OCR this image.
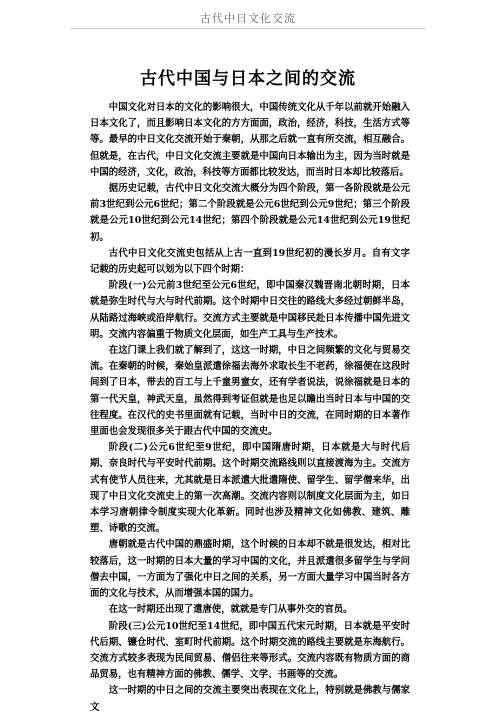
古代中日文化交流
古代中国与日本之间的交流

中国文化对日本的文化的影响很大，中国传统文化从千年以前就开始融入日本文化了，而且影响日本文化的方方面面，政治，经济，科技，生活方式等等。最早的中日文化交流开始于秦朝，从那之后就一直有所交流，相互融合。但就是，在古代，中日文化交流主要就是中国向日本输出为主，因为当时就是中国的经济，文化，政治，科技等方面都比较发达，而当时日本却比较落后。

据历史记载，古代中日文化交流大概分为四个阶段，第一各阶段就是公元前3世纪到公元6世纪；第二个阶段就是公元6世纪到公元9世纪；第三个阶段就是公元10世纪到公元14世纪；第四个阶段就是公元14世纪到公元19世纪初。

古代中日文化交流史包括从上古一直到19世纪初的漫长岁月。自有文字记载的历史起可以划为以下四个时期：

阶段(一)公元前3世纪至公元6世纪，即中国秦汉魏晋南北朝时期，日本就是弥生时代与大与时代前期。这个时期中日交往的路线大多经过朝鲜半岛，从陆路过海峡或沿岸航行。交流方式主要就是中国移民赴日本传播中国先进文明。交流内容偏重于物质文化层面，如生产工具与生产技术。

在这门课上我们就了解到了，这这一时期，中日之间频繁的文化与贸易交流。在秦朝的时候，秦始皇派遣徐福去海外求取长生不老药，徐福便在这段时间到了日本，带去的百工与上千童男童女，还有学者说法，说徐福就是日本的第一代天皇，神武天皇，虽然得到考证但就是也足以瞻出当时日本与中国的交往程度。在汉代的史书里面就有记载，当时中日的交流，在同时期的日本著作里面也会发现很多关于跟古代中国的交流史。

阶段(二)公元6世纪至9世纪，即中国隋唐时期，日本就是大与时代后期、奈良时代与平安时代前期。这个时期交流路线则以直接渡海为主。交流方式有使节人员往来，尤其就是日本派遣大批遣隋使、留学生、留学僧来华，出现了中日文化交流史上的第一次高潮。交流内容则以制度文化层面为主，如日本学习唐朝律令制度实现大化革新。同时也涉及精神文化如佛教、建筑、雕塑、诗歌的交流。

唐朝就是古代中国的鼎盛时期，这个时候的日本却不就是很发达，相对比较落后，这一时期的日本大量的学习中国的文化，并且派遣很多留学生与学问僧去中国，一方面为了强化中日之间的关系，另一方面大量学习中国当时各方面的文化与技术，从而增强本国的国力。

在这一时期还出现了遣唐使，就就是专门从事外交的官员。

阶段(三)公元10世纪至14世纪，即中国五代宋元时期，日本就是平安时代后期、镰仓时代、室町时代前期。这个时期交流的路线主要就是东海航行。交流方式较多表现为民间贸易、僧侣往来等形式。交流内容既有物质方面的商品贸易，也有精神方面的佛教、儒学、文学、书画等的交流。

这一时期的中日之间的交流主要突出表现在文化上，特别就是佛教与儒家文
